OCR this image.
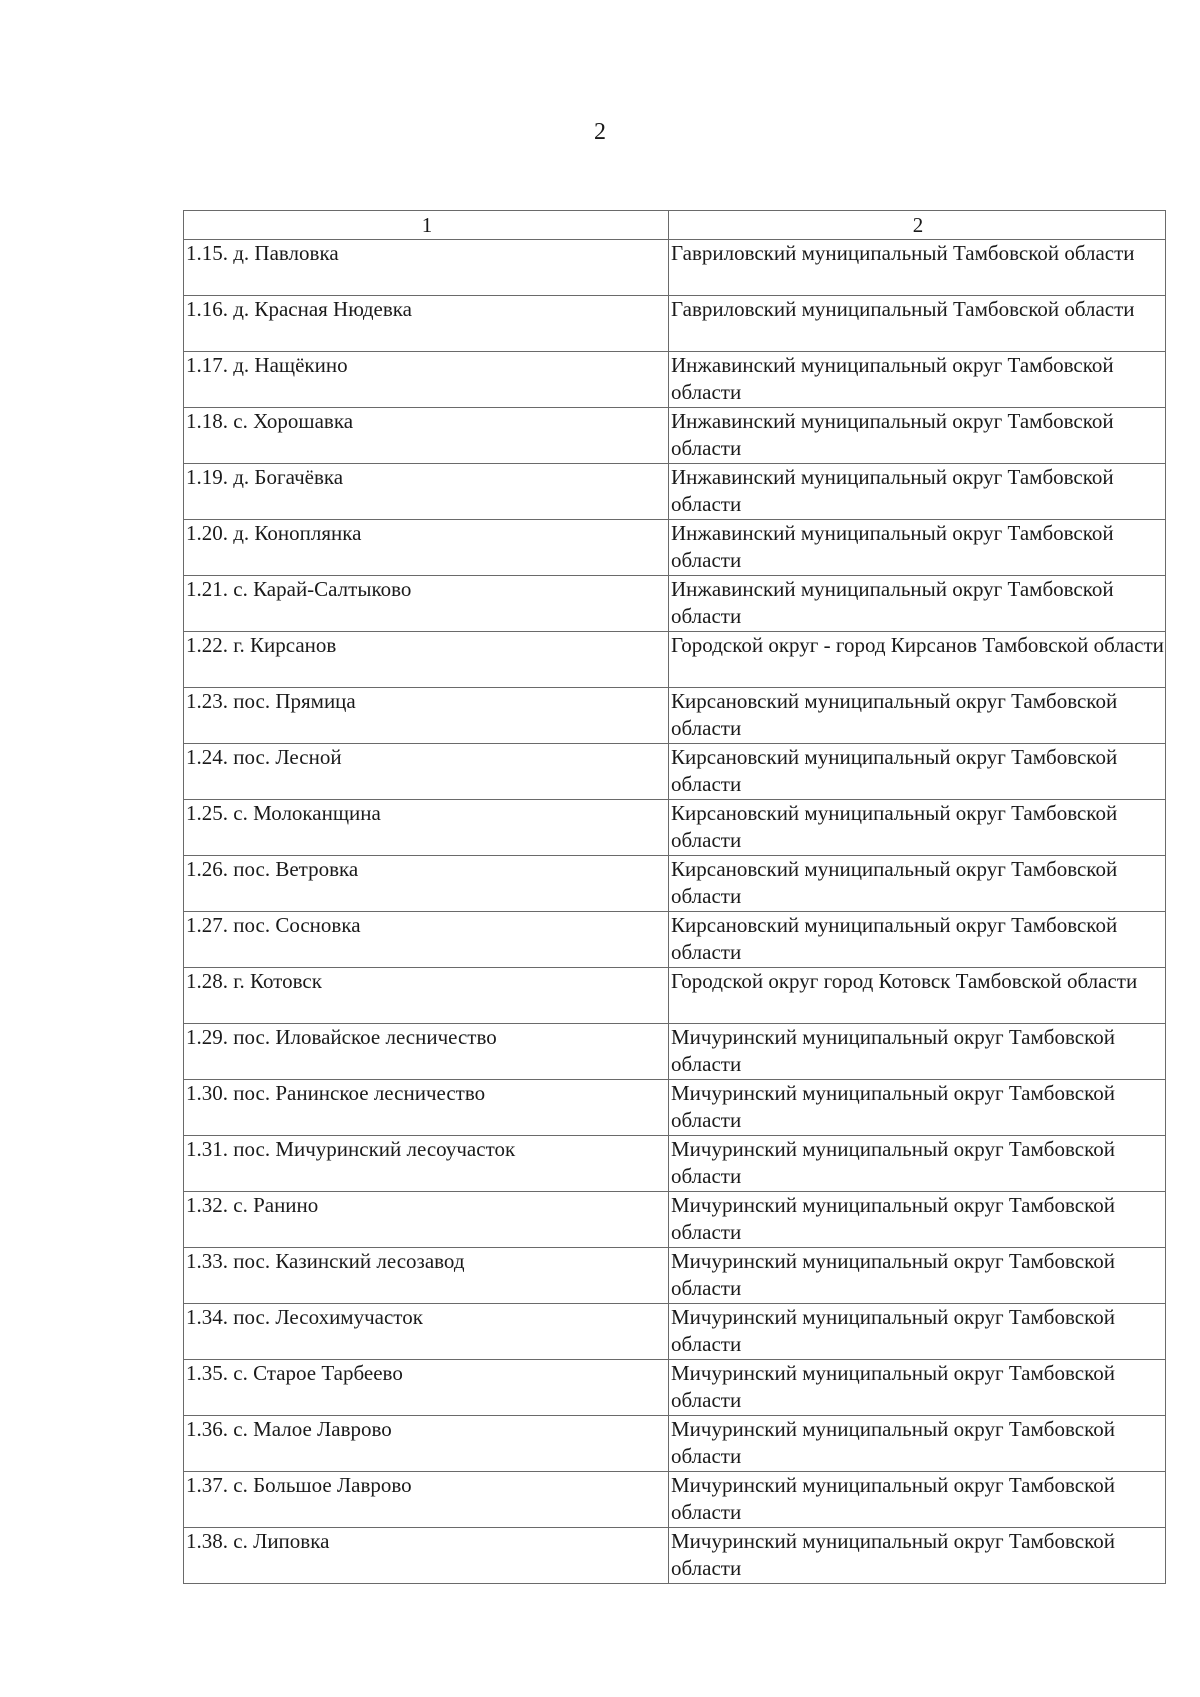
2
1	2
1.15. д. Павловка	Гавриловский муниципальный Тамбовской области
1.16. д. Красная Нюдевка	Гавриловский муниципальный Тамбовской области
1.17. д. Нащёкино	Инжавинский муниципальный округ Тамбовской области
1.18. с. Хорошавка	Инжавинский муниципальный округ Тамбовской области
1.19. д. Богачёвка	Инжавинский муниципальный округ Тамбовской области
1.20. д. Коноплянка	Инжавинский муниципальный округ Тамбовской области
1.21. с. Карай-Салтыково	Инжавинский муниципальный округ Тамбовской области
1.22. г. Кирсанов	Городской округ - город Кирсанов Тамбовской области
1.23. пос. Прямица	Кирсановский муниципальный округ Тамбовской области
1.24. пос. Лесной	Кирсановский муниципальный округ Тамбовской области
1.25. с. Молоканщина	Кирсановский муниципальный округ Тамбовской области
1.26. пос. Ветровка	Кирсановский муниципальный округ Тамбовской области
1.27. пос. Сосновка	Кирсановский муниципальный округ Тамбовской области
1.28. г. Котовск	Городской округ город Котовск Тамбовской области
1.29. пос. Иловайское лесничество	Мичуринский муниципальный округ Тамбовской области
1.30. пос. Ранинское лесничество	Мичуринский муниципальный округ Тамбовской области
1.31. пос. Мичуринский лесоучасток	Мичуринский муниципальный округ Тамбовской области
1.32. с. Ранино	Мичуринский муниципальный округ Тамбовской области
1.33. пос. Казинский лесозавод	Мичуринский муниципальный округ Тамбовской области
1.34. пос. Лесохимучасток	Мичуринский муниципальный округ Тамбовской области
1.35. с. Старое Тарбеево	Мичуринский муниципальный округ Тамбовской области
1.36. с. Малое Лаврово	Мичуринский муниципальный округ Тамбовской области
1.37. с. Большое Лаврово	Мичуринский муниципальный округ Тамбовской области
1.38. с. Липовка	Мичуринский муниципальный округ Тамбовской области
